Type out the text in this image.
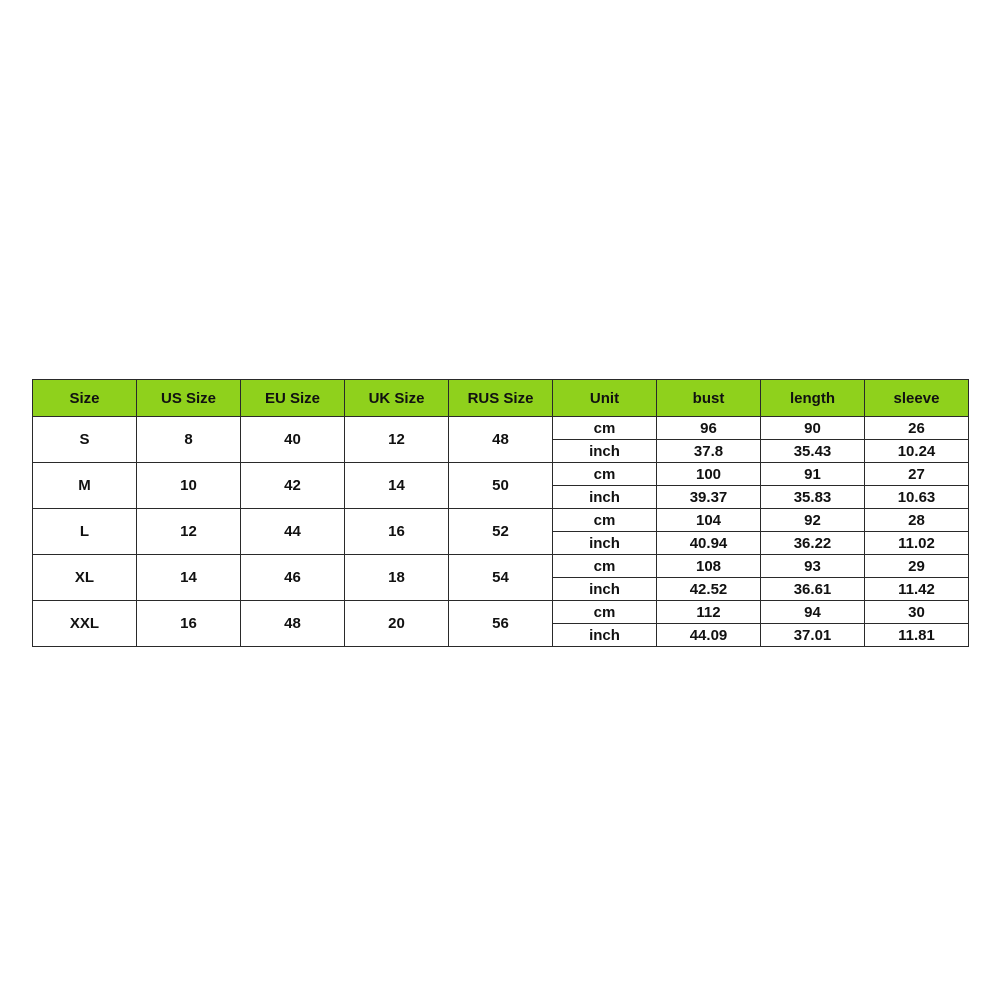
Size	US Size	EU Size	UK Size	RUS Size	Unit	bust	length	sleeve
S	8	40	12	48	cm	96	90	26
					inch	37.8	35.43	10.24
M	10	42	14	50	cm	100	91	27
					inch	39.37	35.83	10.63
L	12	44	16	52	cm	104	92	28
					inch	40.94	36.22	11.02
XL	14	46	18	54	cm	108	93	29
					inch	42.52	36.61	11.42
XXL	16	48	20	56	cm	112	94	30
					inch	44.09	37.01	11.81
